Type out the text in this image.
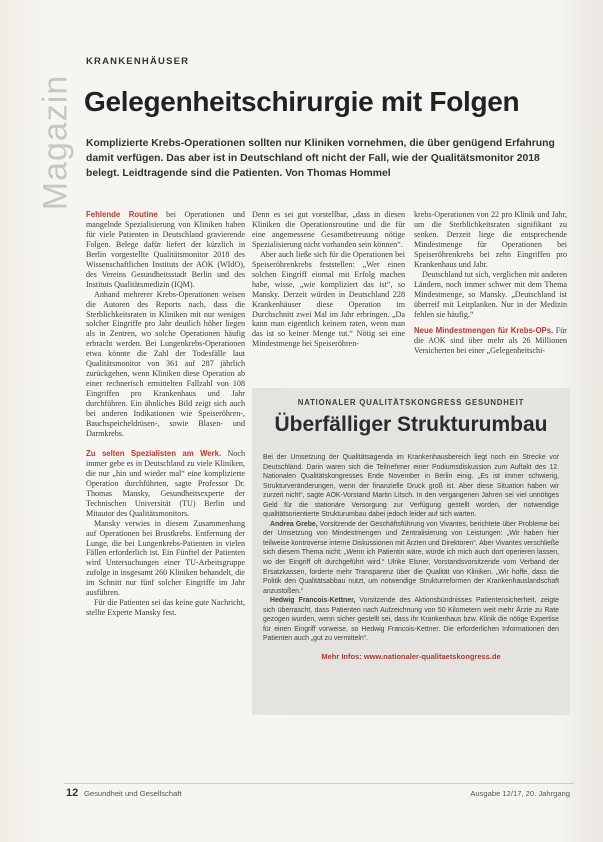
Magazin
KRANKENHÄUSER
Gelegenheitschirurgie mit Folgen
Komplizierte Krebs-Operationen sollten nur Kliniken vornehmen, die über genügend Erfahrung damit verfügen. Das aber ist in Deutschland oft nicht der Fall, wie der Qualitätsmonitor 2018 belegt. Leidtragende sind die Patienten. Von Thomas Hommel

Fehlende Routine bei Operationen und mangelnde Spezialisierung von Kliniken haben für viele Patienten in Deutschland gravierende Folgen. Belege dafür liefert der kürzlich in Berlin vorgestellte Qualitätsmonitor 2018 des Wissenschaftlichen Instituts der AOK (WIdO), des Vereins Gesundheitsstadt Berlin und des Instituts Qualitätsmedizin (IQM).

Anhand mehrerer Krebs-Operationen weisen die Autoren des Reports nach, dass die Sterblichkeitsraten in Kliniken mit nur wenigen solcher Eingriffe pro Jahr deutlich höher liegen als in Zentren, wo solche Operationen häufig erbracht werden. Bei Lungenkrebs-Operationen etwa könnte die Zahl der Todesfälle laut Qualitätsmonitor von 361 auf 287 jährlich zurückgehen, wenn Kliniken diese Operation ab einer rechnerisch ermittelten Fallzahl von 108 Eingriffen pro Krankenhaus und Jahr durchführen. Ein ähnliches Bild zeigt sich auch bei anderen Indikationen wie Speiseröhren-, Bauchspeicheldrüsen-, sowie Blasen- und Darmkrebs.

Zu selten Spezialisten am Werk. Noch immer gebe es in Deutschland zu viele Kliniken, die nur „hin und wieder mal“ eine komplizierte Operation durchführten, sagte Professor Dr. Thomas Mansky, Gesundheitsexperte der Technischen Universität (TU) Berlin und Mitautor des Qualitätsmonitors.

Mansky verwies in diesem Zusammenhang auf Operationen bei Brustkrebs. Entfernung der Lunge, die bei Lungenkrebs-Patienten in vielen Fällen erforderlich ist. Ein Fünftel der Patienten wird Untersuchungen einer TU-Arbeitsgruppe zufolge in insgesamt 260 Kliniken behandelt, die im Schnitt nur fünf solcher Eingriffe im Jahr ausführen.

Für die Patienten sei das keine gute Nachricht, stellte Experte Mansky fest.

Denn es sei gut vorstellbar, „dass in diesen Kliniken die Operationsroutine und die für eine angemessene Gesamtbetreuung nötige Spezialisierung nicht vorhanden sein können“.

Aber auch ließe sich für die Operationen bei Speiseröhrenkrebs feststellen: „Wer einen solchen Eingriff einmal mit Erfolg machen habe, wisse, „wie kompliziert das ist“, so Mansky. Derzeit würden in Deutschland 228 Krankenhäuser diese Operation im Durchschnitt zwei Mal im Jahr erbringen. „Da kann man eigentlich keinem raten, wenn man das ist so keiner Menge tut.“ Nötig sei eine Mindestmenge bei Speiseröhren-

krebs-Operationen von 22 pro Klinik und Jahr, um die Sterblichkeitsraten signifikant zu senken. Derzeit liege die entsprechende Mindestmenge für Operationen bei Speiseröhrenkrebs bei zehn Eingriffen pro Krankenhaus und Jahr.

Deutschland tut sich, verglichen mit anderen Ländern, noch immer schwer mit dem Thema Mindestmenge, so Mansky. „Deutschland ist überreif mit Leitplanken. Nur in der Medizin fehlen sie häufig.“

Neue Mindestmengen für Krebs-OPs. Für die AOK sind über mehr als 26 Millionen Versicherten bei einer „Gelegenheitschi-

NATIONALER QUALITÄTSKONGRESS GESUNDHEIT
Überfälliger Strukturumbau

Bei der Umsetzung der Qualitätsagenda im Krankenhausbereich liegt noch ein Strecke vor Deutschland. Darin waren sich die Teilnehmer einer Podiumsdiskussion zum Auftakt des 12. Nationalen Qualitätskongresses Ende November in Berlin einig. „Es ist immer schwierig, Strukturveränderungen, wenn der finanzielle Druck groß ist. Aber diese Situation haben wir zurzeit nicht“, sagte AOK-Vorstand Martin Litsch. In den vergangenen Jahren sei viel unnötiges Geld für die stationäre Versorgung zur Verfügung gestellt worden, der notwendige qualitätsorientierte Strukturumbau dabei jedoch leider auf sich warten.

Andrea Grebe, Vorsitzende der Geschäftsführung von Vivantes, berichtete über Probleme bei der Umsetzung von Mindestmengen und Zentralisierung von Leistungen: „Wir haben hier teilweise kontroverse interne Diskussionen mit Ärzten und Direktoren“. Aber Vivantes verschließe sich diesem Thema nicht: „Wenn ich Patientin wäre, würde ich mich auch dort operieren lassen, wo der Eingriff oft durchgeführt wird.“ Ulrike Elsner, Vorstandsvorsitzende vom Verband der Ersatzkassen, forderte mehr Transparenz über die Qualität von Kliniken. „Wir hoffe, dass die Politik den Qualitätsabbau nutzt, um notwendige Strukturreformen der Krankenhauslandschaft anzustoßen.“

Hedwig Francois-Kettner, Vorsitzende des Aktionsbündnisses Patientensicherheit, zeigte sich überrascht, dass Patienten nach Aufzeichnung von 50 Kilometern weit mehr Ärzte zu Rate gezogen wurden, wenn sicher gestellt sei, dass ihr Krankenhaus bzw. Klinik die nötige Expertise für einen Eingriff vorweise, so Hedwig Francois-Kettner. Die erforderlichen Informationen den Patienten auch „gut zu vermitteln“.

Mehr Infos: www.nationaler-qualitaetskongress.de
12 Gesundheit und Gesellschaft	Ausgabe 12/17, 20. Jahrgang
